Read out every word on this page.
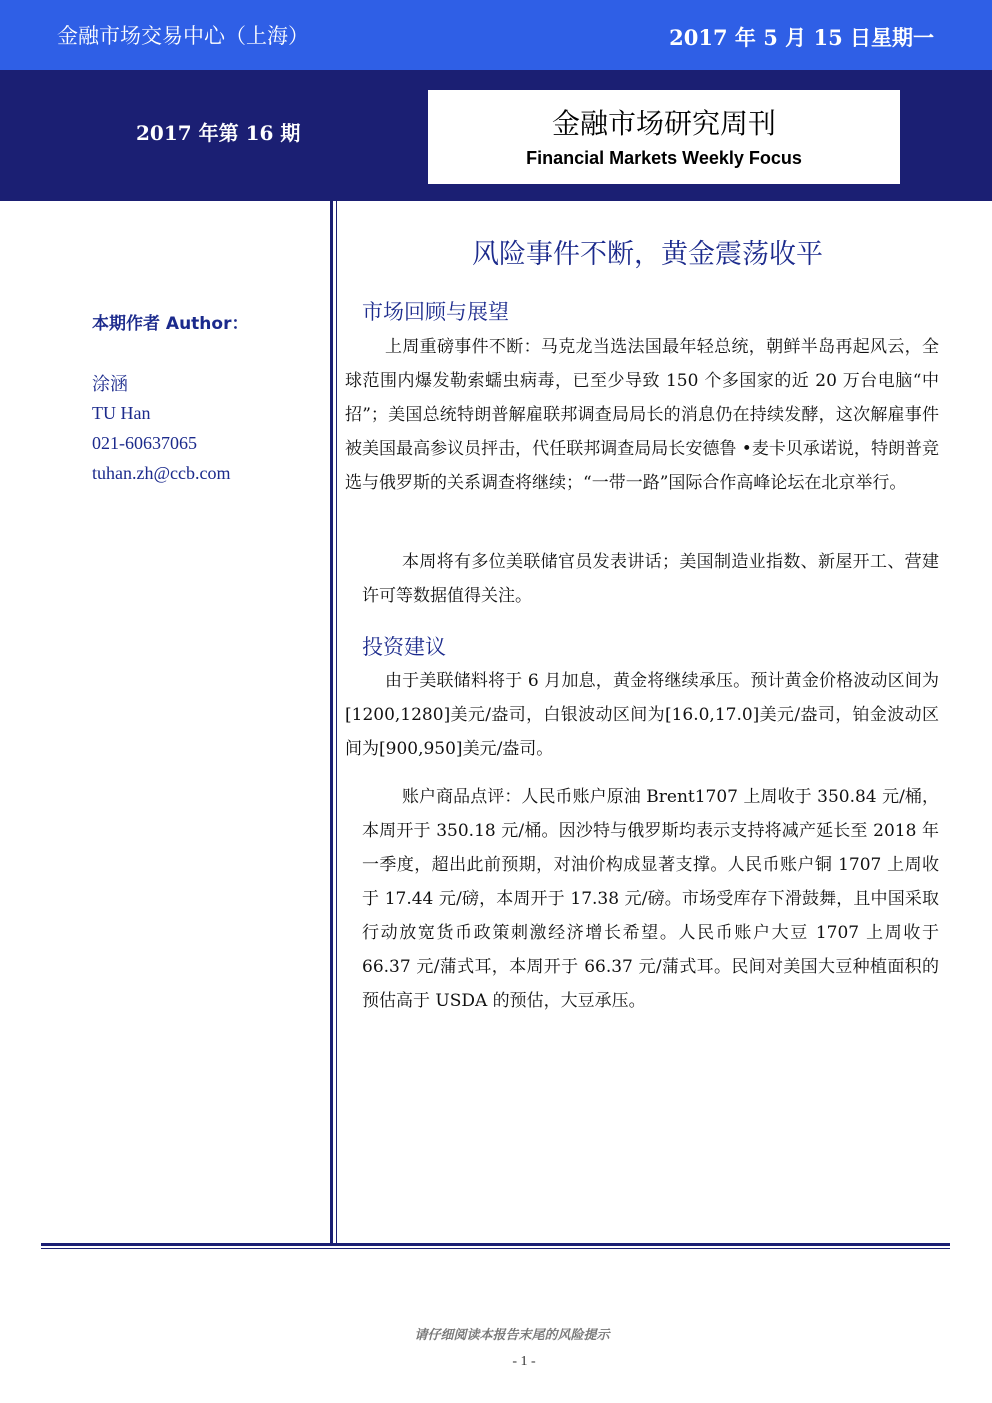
金融市场交易中心（上海）	2017 年 5 月 15 日星期一
2017 年第 16 期	金融市场研究周刊
Financial Markets Weekly Focus
本期作者 Author：
涂涵
TU Han
021-60637065
tuhan.zh@ccb.com
风险事件不断，黄金震荡收平
市场回顾与展望
上周重磅事件不断：马克龙当选法国最年轻总统，朝鲜半岛再起风云，全球范围内爆发勒索蠕虫病毒，已至少导致 150 个多国家的近 20 万台电脑“中招”；美国总统特朗普解雇联邦调查局局长的消息仍在持续发酵，这次解雇事件被美国最高参议员抨击，代任联邦调查局局长安德鲁 •麦卡贝承诺说，特朗普竞选与俄罗斯的关系调查将继续；“一带一路”国际合作高峰论坛在北京举行。
本周将有多位美联储官员发表讲话；美国制造业指数、新屋开工、营建许可等数据值得关注。
投资建议
由于美联储料将于 6 月加息，黄金将继续承压。预计黄金价格波动区间为[1200,1280]美元/盎司，白银波动区间为[16.0,17.0]美元/盎司，铂金波动区间为[900,950]美元/盎司。
账户商品点评：人民币账户原油 Brent1707 上周收于 350.84 元/桶，本周开于 350.18 元/桶。因沙特与俄罗斯均表示支持将减产延长至 2018 年一季度，超出此前预期，对油价构成显著支撑。人民币账户铜 1707 上周收于 17.44 元/磅，本周开于 17.38 元/磅。市场受库存下滑鼓舞，且中国采取行动放宽货币政策刺激经济增长希望。人民币账户大豆 1707 上周收于 66.37 元/蒲式耳，本周开于 66.37 元/蒲式耳。民间对美国大豆种植面积的预估高于 USDA 的预估，大豆承压。
请仔细阅读本报告末尾的风险提示
- 1 -
